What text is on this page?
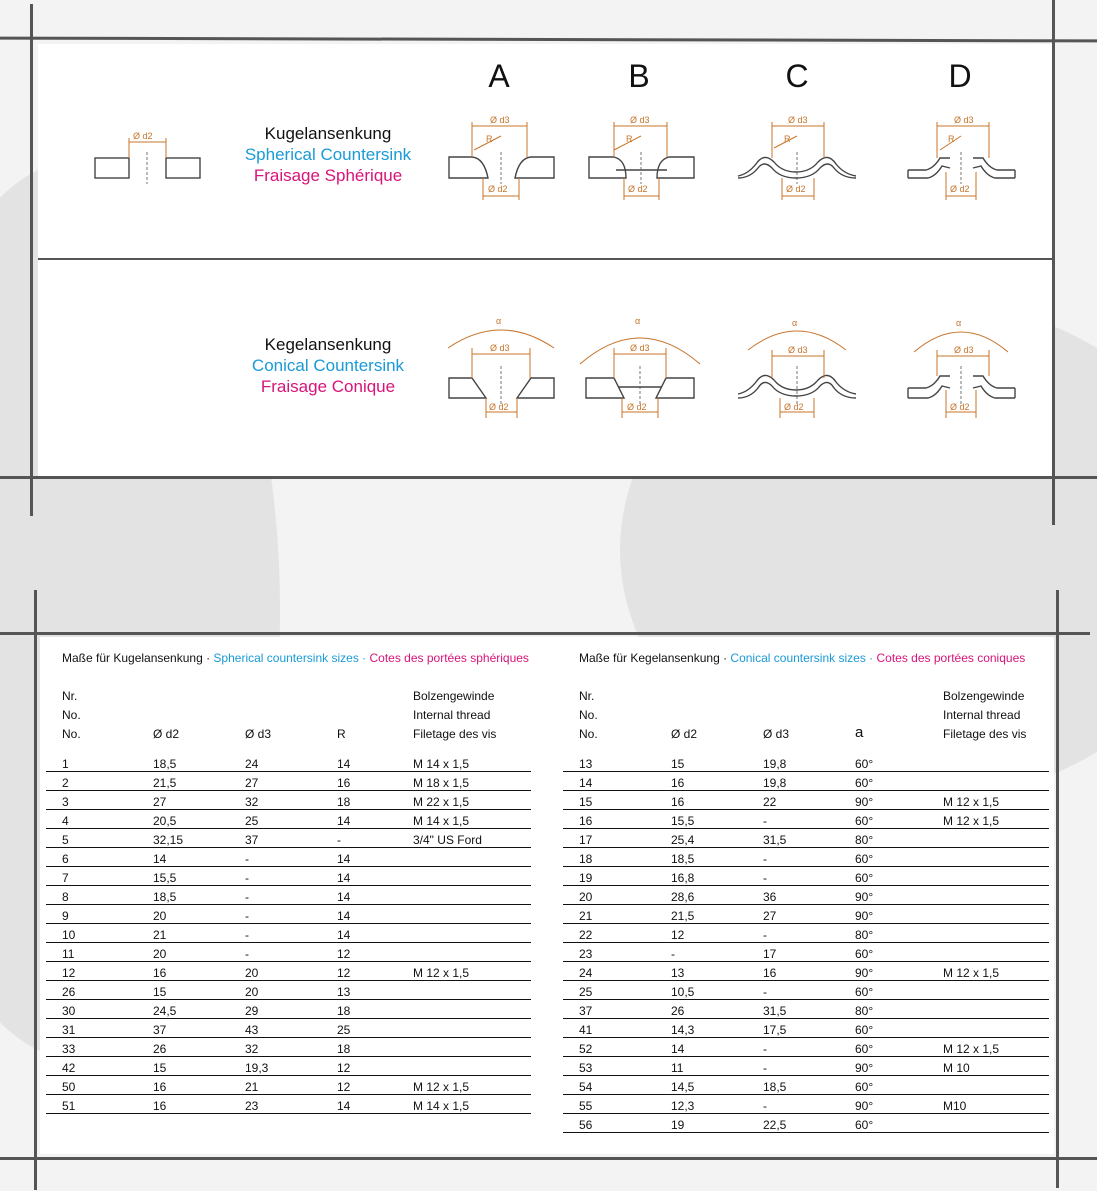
A	B	C	D
Kugelansenkung
Spherical Countersink
Fraisage Sphérique
Kegelansenkung
Conical Countersink
Fraisage Conique
Ø d2
Ø d3
R
Ø d2
Ø d3
R
Ø d2
Ø d3
R
Ø d2
Ø d3
R
Ø d2
α
Ø d3
Ø d2
α
Ø d3
Ø d2
α
Ø d3
Ø d2
α
Ø d3
Ø d2
Maße für Kugelansenkung · Spherical countersink sizes · Cotes des portées sphériques
Nr.				Bolzengewinde
No.				Internal thread
No.	Ø d2	Ø d3	R	Filetage des vis

1	18,5	24	14	M 14 x 1,5
2	21,5	27	16	M 18 x 1,5
3	27	32	18	M 22 x 1,5
4	20,5	25	14	M 14 x 1,5
5	32,15	37	-	3/4" US Ford
6	14	-	14	
7	15,5	-	14	
8	18,5	-	14	
9	20	-	14	
10	21	-	14	
11	20	-	12	
12	16	20	12	M 12 x 1,5
26	15	20	13	
30	24,5	29	18	
31	37	43	25	
33	26	32	18	
42	15	19,3	12	
50	16	21	12	M 12 x 1,5
51	16	23	14	M 14 x 1,5
Maße für Kegelansenkung · Conical countersink sizes · Cotes des portées coniques
Nr.				Bolzengewinde
No.				Internal thread
No.	Ø d2	Ø d3	a	Filetage des vis

13	15	19,8	60°	
14	16	19,8	60°	
15	16	22	90°	M 12 x 1,5
16	15,5	-	60°	M 12 x 1,5
17	25,4	31,5	80°	
18	18,5	-	60°	
19	16,8	-	60°	
20	28,6	36	90°	
21	21,5	27	90°	
22	12	-	80°	
23	-	17	60°	
24	13	16	90°	M 12 x 1,5
25	10,5	-	60°	
37	26	31,5	80°	
41	14,3	17,5	60°	
52	14	-	60°	M 12 x 1,5
53	11	-	90°	M 10
54	14,5	18,5	60°	
55	12,3	-	90°	M10
56	19	22,5	60°	
